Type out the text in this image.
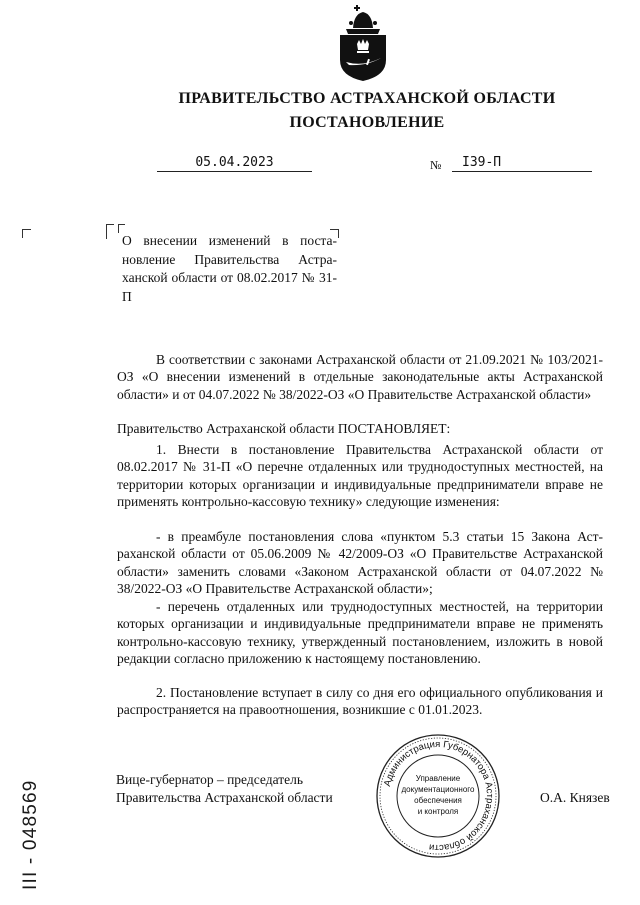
ПРАВИТЕЛЬСТВО АСТРАХАНСКОЙ ОБЛАСТИ
ПОСТАНОВЛЕНИЕ
05.04.2023	№	I39-П
О внесении изменений в постановление Правительства Астраханской области от 08.02.2017 № 31-П
В соответствии с законами Астраханской области от 21.09.2021 № 103/2021-ОЗ «О внесении изменений в отдельные законодательные акты Астраханской области» и от 04.07.2022 № 38/2022-ОЗ «О Правительстве Астраханской области»
Правительство Астраханской области ПОСТАНОВЛЯЕТ:
1. Внести в постановление Правительства Астраханской области от 08.02.2017 № 31-П «О перечне отдаленных или труднодоступных местностей, на территории которых организации и индивидуальные предприниматели вправе не применять контрольно-кассовую технику» следующие изменения:
- в преамбуле постановления слова «пунктом 5.3 статьи 15 Закона Астраханской области от 05.06.2009 № 42/2009-ОЗ «О Правительстве Астраханской области» заменить словами «Законом Астраханской области от 04.07.2022 № 38/2022-ОЗ «О Правительстве Астраханской области»;
- перечень отдаленных или труднодоступных местностей, на территории которых организации и индивидуальные предприниматели вправе не применять контрольно-кассовую технику, утвержденный постановлением, изложить в новой редакции согласно приложению к настоящему постановлению.
2. Постановление вступает в силу со дня его официального опубликования и распространяется на правоотношения, возникшие с 01.01.2023.
Вице-губернатор – председатель
Правительства Астраханской области
Администрация Губернатора Астраханской области
Управление
документационного
обеспечения
и контроля
О.А. Князев
III - 048569
